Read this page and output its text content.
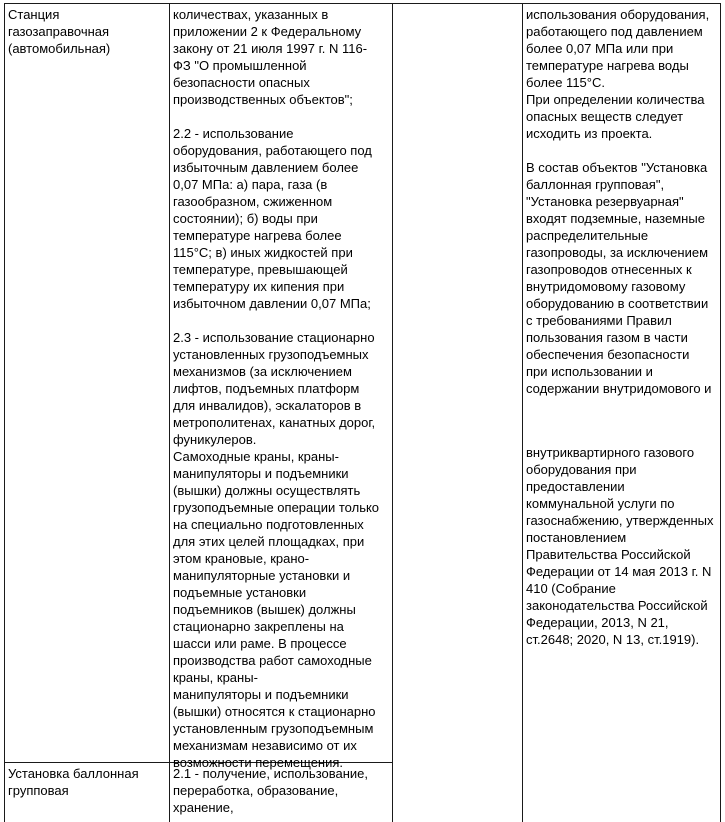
Станция
газозаправочная
(автомобильная)
количествах, указанных в
приложении 2 к Федеральному
закону от 21 июля 1997 г. N 116-
ФЗ "О промышленной
безопасности опасных
производственных объектов";
2.2 - использование
оборудования, работающего под
избыточным давлением более
0,07 МПа: а) пара, газа (в
газообразном, сжиженном
состоянии); б) воды при
температуре нагрева более
115°С; в) иных жидкостей при
температуре, превышающей
температуру их кипения при
избыточном давлении 0,07 МПа;
2.3 - использование стационарно
установленных грузоподъемных
механизмов (за исключением
лифтов, подъемных платформ
для инвалидов), эскалаторов в
метрополитенах, канатных дорог,
фуникулеров.
Самоходные краны, краны-
манипуляторы и подъемники
(вышки) должны осуществлять
грузоподъемные операции только
на специально подготовленных
для этих целей площадках, при
этом крановые, крано-
манипуляторные установки и
подъемные установки
подъемников (вышек) должны
стационарно закреплены на
шасси или раме. В процессе
производства работ самоходные
краны, краны-
манипуляторы и подъемники
(вышки) относятся к стационарно
установленным грузоподъемным
механизмам независимо от их
возможности перемещения.
использования оборудования,
работающего под давлением
более 0,07 МПа или при
температуре нагрева воды
более 115°С.
При определении количества
опасных веществ следует
исходить из проекта.
В состав объектов "Установка
баллонная групповая",
"Установка резервуарная"
входят подземные, наземные
распределительные
газопроводы, за исключением
газопроводов отнесенных к
внутридомовому газовому
оборудованию в соответствии
с требованиями Правил
пользования газом в части
обеспечения безопасности
при использовании и
содержании внутридомового и
внутриквартирного газового
оборудования при
предоставлении
коммунальной услуги по
газоснабжению, утвержденных
постановлением
Правительства Российской
Федерации от 14 мая 2013 г. N
410 (Собрание
законодательства Российской
Федерации, 2013, N 21,
ст.2648; 2020, N 13, ст.1919).
Установка баллонная
групповая
2.1 - получение, использование,
переработка, образование,
хранение,
